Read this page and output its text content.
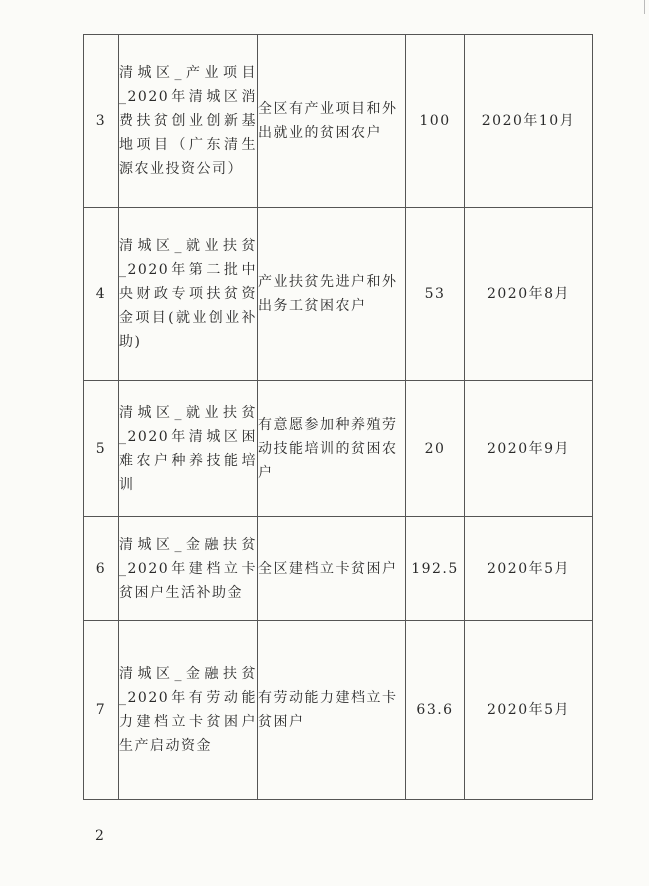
3	清城区_产业项目_2020年清城区消费扶贫创业创新基地项目（广东清生源农业投资公司）	全区有产业项目和外出就业的贫困农户	100	2020年10月
4	清城区_就业扶贫_2020年第二批中央财政专项扶贫资金项目(就业创业补助)	产业扶贫先进户和外出务工贫困农户	53	2020年8月
5	清城区_就业扶贫_2020年清城区困难农户种养技能培训	有意愿参加种养殖劳动技能培训的贫困农户	20	2020年9月
6	清城区_金融扶贫_2020年建档立卡贫困户生活补助金	全区建档立卡贫困户	192.5	2020年5月
7	清城区_金融扶贫_2020年有劳动能力建档立卡贫困户生产启动资金	有劳动能力建档立卡贫困户	63.6	2020年5月
2
